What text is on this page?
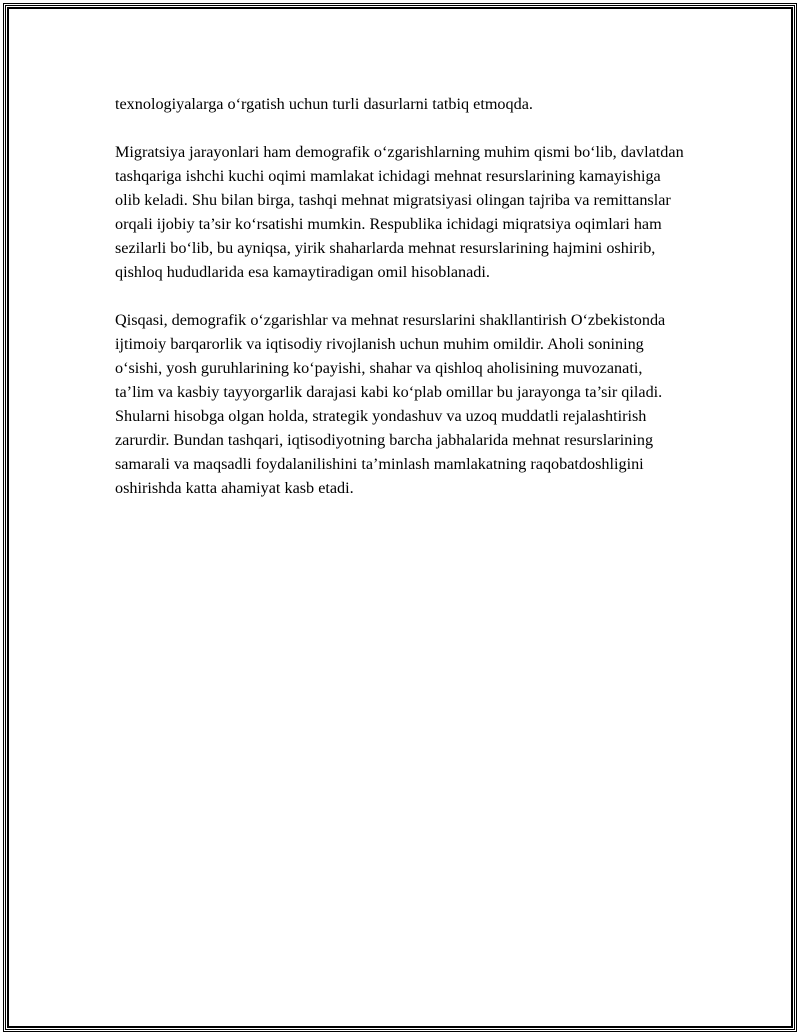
texnologiyalarga o‘rgatish uchun turli dasurlarni tatbiq etmoqda.

Migratsiya jarayonlari ham demografik o‘zgarishlarning muhim qismi bo‘lib, davlatdan tashqariga ishchi kuchi oqimi mamlakat ichidagi mehnat resurslarining kamayishiga olib keladi. Shu bilan birga, tashqi mehnat migratsiyasi olingan tajriba va remittanslar orqali ijobiy ta’sir ko‘rsatishi mumkin. Respublika ichidagi miqratsiya oqimlari ham sezilarli bo‘lib, bu ayniqsa, yirik shaharlarda mehnat resurslarining hajmini oshirib, qishloq hududlarida esa kamaytiradigan omil hisoblanadi.

Qisqasi, demografik o‘zgarishlar va mehnat resurslarini shakllantirish O‘zbekistonda ijtimoiy barqarorlik va iqtisodiy rivojlanish uchun muhim omildir. Aholi sonining o‘sishi, yosh guruhlarining ko‘payishi, shahar va qishloq aholisining muvozanati, ta’lim va kasbiy tayyorgarlik darajasi kabi ko‘plab omillar bu jarayonga ta’sir qiladi. Shularni hisobga olgan holda, strategik yondashuv va uzoq muddatli rejalashtirish zarurdir. Bundan tashqari, iqtisodiyotning barcha jabhalarida mehnat resurslarining samarali va maqsadli foydalanilishini ta’minlash mamlakatning raqobatdoshligini oshirishda katta ahamiyat kasb etadi.
